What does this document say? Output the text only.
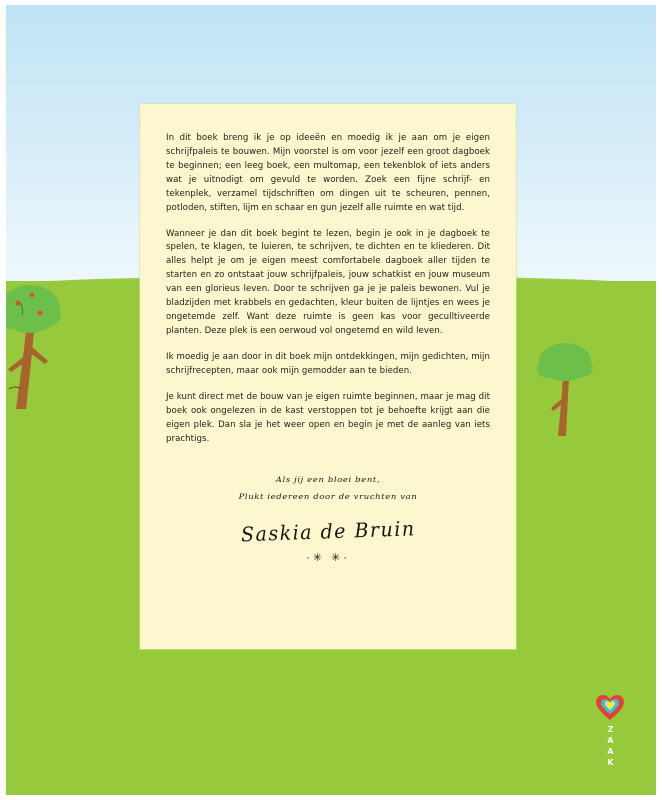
In dit boek breng ik je op ideeën en moedig ik je aan om je eigen schrijfpaleis te bouwen. Mijn voorstel is om voor jezelf een groot dagboek te beginnen; een leeg boek, een multomap, een tekenblok of iets anders wat je uitnodigt om gevuld te worden. Zoek een fijne schrijf- en tekenplek, verzamel tijdschriften om dingen uit te scheuren, pennen, potloden, stiften, lijm en schaar en gun jezelf alle ruimte en wat tijd.

Wanneer je dan dit boek begint te lezen, begin je ook in je dagboek te spelen, te klagen, te luieren, te schrijven, te dichten en te kliederen. Dit alles helpt je om je eigen meest comfortabele dagboek aller tijden te starten en zo ontstaat jouw schrijfpaleis, jouw schatkist en jouw museum van een glorieus leven. Door te schrijven ga je je paleis bewonen. Vul je bladzijden met krabbels en gedachten, kleur buiten de lijntjes en wees je ongetemde zelf. Want deze ruimte is geen kas voor geculltiveerde planten. Deze plek is een oerwoud vol ongetemd en wild leven.

Ik moedig je aan door in dit boek mijn ontdekkingen, mijn gedichten, mijn schrijfrecepten, maar ook mijn gemodder aan te bieden.

Je kunt direct met de bouw van je eigen ruimte beginnen, maar je mag dit boek ook ongelezen in de kast verstoppen tot je behoefte krijgt aan die eigen plek. Dan sla je het weer open en begin je met de aanleg van iets prachtigs.

Als jij een bloei bent,
Plukt iedereen door de vruchten van
Saskia de Bruin
·✳ ✳·
ZAAK
